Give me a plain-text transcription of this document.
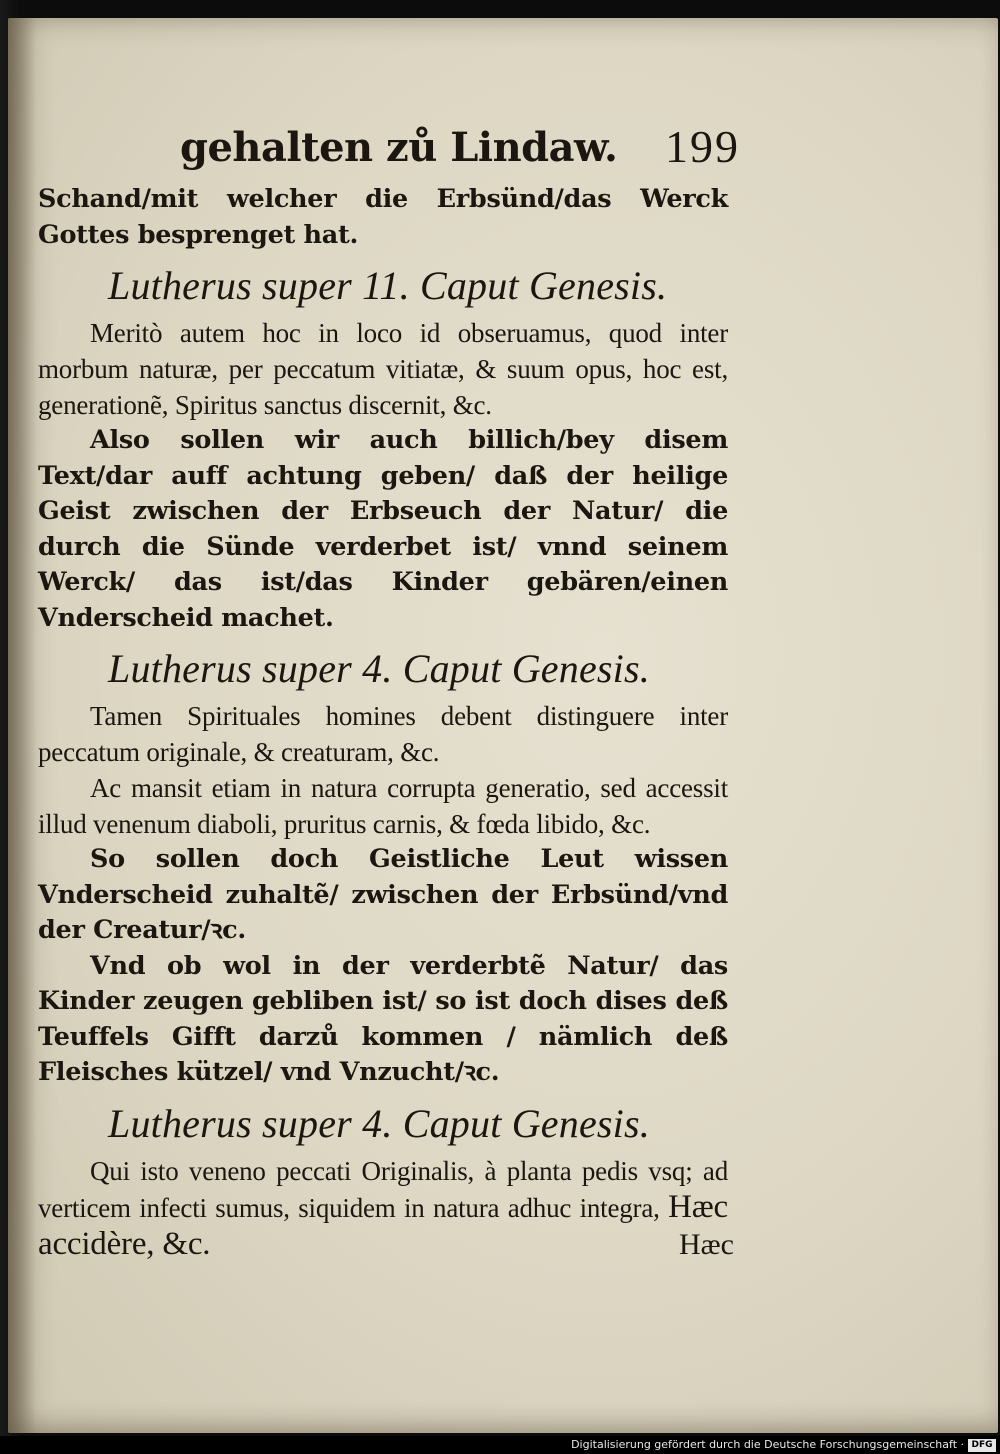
gehalten zů Lindaw. 199

Schand/mit welcher die Erbsünd/das Werck Gottes besprenget hat.

Lutherus super 11. Caput Genesis.

Meritò autem hoc in loco id obseruamus, quod inter morbum naturæ, per peccatum vitiatæ, & suum opus, hoc est, generationẽ, Spiritus sanctus discernit, &c.

Also sollen wir auch billich/bey disem Text/dar auff achtung geben/ daß der heilige Geist zwischen der Erbseuch der Natur/ die durch die Sünde verderbet ist/ vnnd seinem Werck/ das ist/das Kinder gebären/einen Vnderscheid machet.

Lutherus super 4. Caput Genesis.

Tamen Spirituales homines debent distinguere inter peccatum originale, & creaturam, &c.

Ac mansit etiam in natura corrupta generatio, sed accessit illud venenum diaboli, pruritus carnis, & fœda libido, &c.

So sollen doch Geistliche Leut wissen Vnderscheid zuhaltẽ/ zwischen der Erbsünd/vnd der Creatur/ꝛc.

Vnd ob wol in der verderbtẽ Natur/ das Kinder zeugen gebliben ist/ so ist doch dises deß Teuffels Gifft darzů kommen / nämlich deß Fleisches kützel/ vnd Vnzucht/ꝛc.

Lutherus super 4. Caput Genesis.

Qui isto veneno peccati Originalis, à planta pedis vsq; ad verticem infecti sumus, siquidem in natura adhuc integra, Hæc accidère, &c.	Hæc
Digitalisierung gefördert durch die Deutsche Forschungsgemeinschaft · DFG
